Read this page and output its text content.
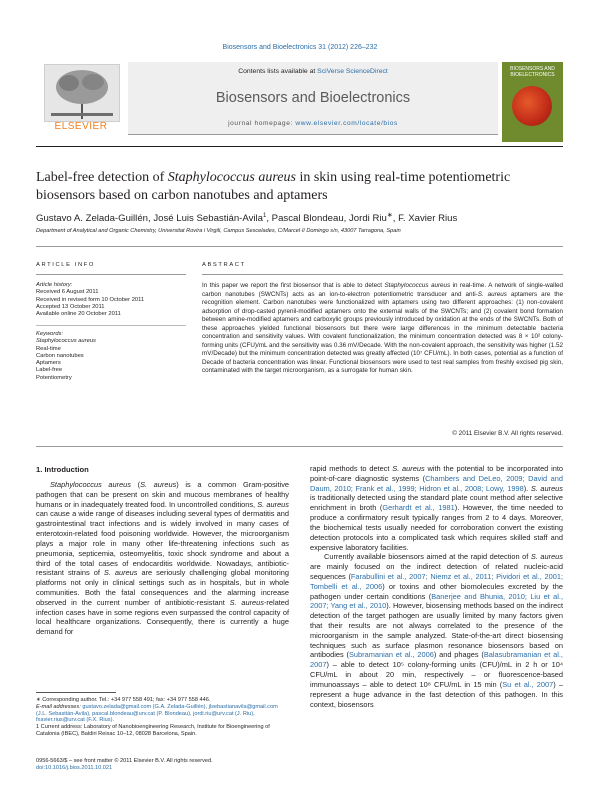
Biosensors and Bioelectronics 31 (2012) 226–232
ELSEVIER
Contents lists available at SciVerse ScienceDirect
Biosensors and Bioelectronics
journal homepage: www.elsevier.com/locate/bios
BIOSENSORS AND BIOELECTRONICS
Label-free detection of Staphylococcus aureus in skin using real-time potentiometric biosensors based on carbon nanotubes and aptamers
Gustavo A. Zelada-Guillén, José Luis Sebastián-Avila$^1$, Pascal Blondeau, Jordi Riu∗, F. Xavier Rius
Department of Analytical and Organic Chemistry, Universitat Rovira i Virgili, Campus Sescelades, C/Marcel·lí Domingo s/n, 43007 Tarragona, Spain
ARTICLE INFO	ABSTRACT
Article history:
Received 6 August 2011
Received in revised form 10 October 2011
Accepted 13 October 2011
Available online 20 October 2011
Keywords:
Staphylococcus aureus
Real-time
Carbon nanotubes
Aptamers
Label-free
Potentiometry
In this paper we report the first biosensor that is able to detect Staphylococcus aureus in real-time. A network of single-walled carbon nanotubes (SWCNTs) acts as an ion-to-electron potentiometric transducer and anti-S. aureus aptamers are the recognition element. Carbon nanotubes were functionalized with aptamers using two different approaches: (1) non-covalent adsorption of drop-casted pyrenil-modified aptamers onto the external walls of the SWCNTs; and (2) covalent bond formation between amine-modified aptamers and carboxylic groups previously introduced by oxidation at the ends of the SWCNTs. Both of these approaches yielded functional biosensors but there were large differences in the minimum detectable bacteria concentration and sensitivity values. With covalent functionalization, the minimum concentration detected was 8 × 10² colony-forming units (CFU)/mL and the sensitivity was 0.36 mV/Decade. With the non-covalent approach, the sensitivity was higher (1.52 mV/Decade) but the minimum concentration detected was greatly affected (10⁷ CFU/mL). In both cases, potential as a function of Decade of bacteria concentration was linear. Functional biosensors were used to test real samples from freshly excised pig skin, contaminated with the target microorganism, as a surrogate for human skin.
© 2011 Elsevier B.V. All rights reserved.
1. Introduction

Staphylococcus aureus (S. aureus) is a common Gram-positive pathogen that can be present on skin and mucous membranes of healthy humans or in inadequately treated food. In uncontrolled conditions, S. aureus can cause a wide range of diseases including several types of dermatitis and gastrointestinal tract infections and is widely involved in many cases of enterotoxin-related food poisoning worldwide. However, the microorganism plays a major role in many other life-threatening infections such as pneumonia, septicemia, osteomyelitis, toxic shock syndrome and about a third of the total cases of endocarditis worldwide. Nowadays, antibiotic-resistant strains of S. aureus are seriously challenging global monitoring platforms not only in clinical settings such as in hospitals, but in whole communities. Both the fatal consequences and the alarming increase observed in the current number of antibiotic-resistant S. aureus-related infection cases have in some regions even surpassed the control capacity of local healthcare organizations. Consequently, there is currently a huge demand for

rapid methods to detect S. aureus with the potential to be incorporated into point-of-care diagnostic systems (Chambers and DeLeo, 2009; David and Daum, 2010; Frank et al., 1999; Hidron et al., 2008; Lowy, 1998). S. aureus is traditionally detected using the standard plate count method after selective enrichment in broth (Gerhardt et al., 1981). However, the time needed to produce a confirmatory result typically ranges from 2 to 4 days. Moreover, the biochemical tests usually needed for corroboration convert the existing detection protocols into a complicated task which requires skilled staff and expensive laboratory facilities.

Currently available biosensors aimed at the rapid detection of S. aureus are mainly focused on the indirect detection of related nucleic-acid sequences (Farabullini et al., 2007; Niemz et al., 2011; Pividori et al., 2001; Tombelli et al., 2006) or toxins and other biomolecules excreted by the pathogen under certain conditions (Banerjee and Bhunia, 2010; Liu et al., 2007; Yang et al., 2010). However, biosensing methods based on the indirect detection of the target pathogen are usually limited by many factors given that their results are not always correlated to the presence of the microorganism in the sample analyzed. State-of-the-art direct biosensing techniques such as surface plasmon resonance biosensors based on antibodies (Subramanian et al., 2006) and phages (Balasubramanian et al., 2007) – able to detect 10⁵ colony-forming units (CFU)/mL in 2 h or 10⁴ CFU/mL in about 20 min, respectively – or fluorescence-based immunoassays – able to detect 10⁸ CFU/mL in 15 min (Su et al., 2007) – represent a huge advance in the fast detection of this pathogen. In this context, biosensors

∗ Corresponding author. Tel.: +34 977 558 491; fax: +34 977 558 446.
E-mail addresses: gustavo.zelada@gmail.com (G.A. Zelada-Guillén), jlsebastianavila@gmail.com (J.L. Sebastián-Avila), pascal.blondeau@urv.cat (P. Blondeau), jordi.riu@urv.cat (J. Riu), fxavier.rius@urv.cat (F.X. Rius).
1 Current address: Laboratory of Nanobioengineering Research, Institute for Bioengineering of Catalonia (IBEC), Baldiri Reixac 10–12, 08028 Barcelona, Spain.
0956-5663/$ – see front matter © 2011 Elsevier B.V. All rights reserved.
doi:10.1016/j.bios.2011.10.021
